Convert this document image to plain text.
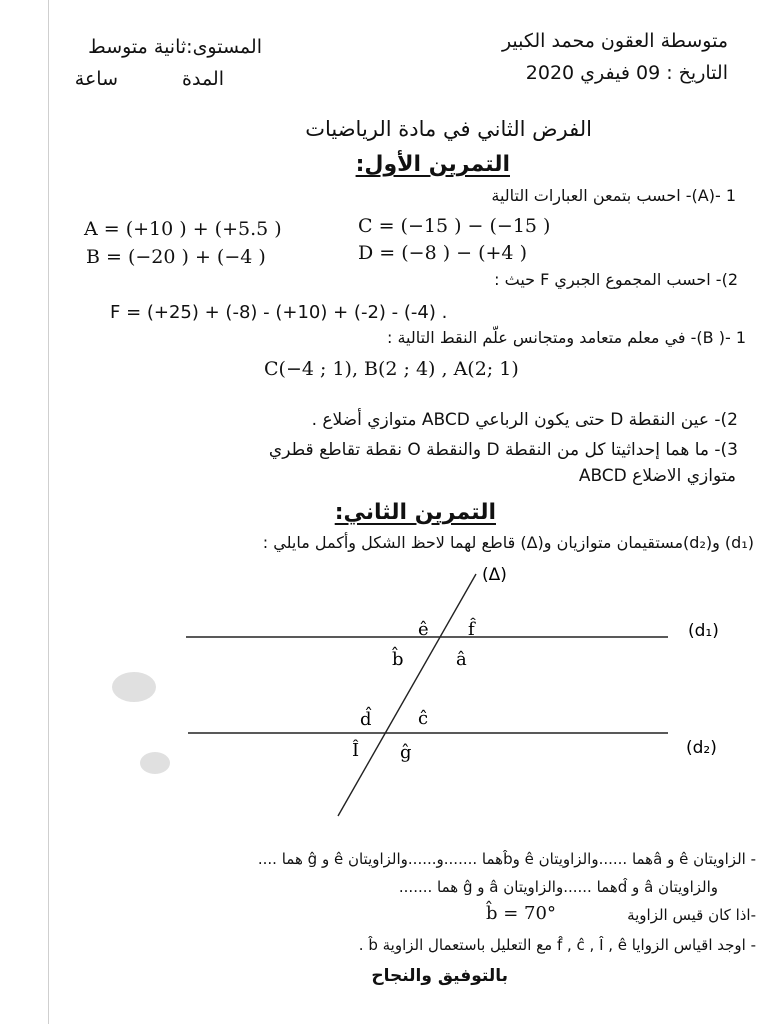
متوسطة العقون محمد الكبير
التاريخ : 09 فيفري 2020
المستوى:ثانية متوسط
المدة
ساعة
الفرض الثاني في مادة الرياضيات
التمرين الأول:
A)- 1)- احسب بتمعن العبارات التالية
A = (+10 ) + (+5.5 )	C = (−15 ) − (−15 )
B = (−20 ) + (−4 )	D = (−8 ) − (+4 )
2)- احسب المجموع الجبري F حيث :
F = (+25) + (-8) - (+10) + (-2) - (-4) .
B )- 1)- في معلم متعامد ومتجانس علّم النقط التالية :
C(−4 ; 1), B(2 ; 4) , A(2; 1)
2)- عين النقطة D حتى يكون الرباعي ABCD متوازي أضلاع .
3)- ما هما إحداثيتا كل من النقطة D والنقطة O نقطة تقاطع قطري
متوازي الاضلاع ABCD
التمرين الثاني:
(d₁) و(d₂)مستقيمان متوازيان و(Δ) قاطع لهما لاحظ الشكل وأكمل مايلي :
(Δ)
(d₁)
(d₂)
ê f̂
b̂	â
d̂	ĉ
Î ĝ
- الزاويتان ê و âهما ......والزاويتان ê وb̂هما .......و......والزاويتان ê و ĝ هما ....
والزاويتان â و d̂هما ......والزاويتان â و ĝ هما .......
-اذا كان قيس الزاوية
b̂ = 70°
- اوجد اقياس الزوايا f̂ , ĉ , Î , ê مع التعليل باستعمال الزاوية b̂ .
بالتوفيق والنجاح
